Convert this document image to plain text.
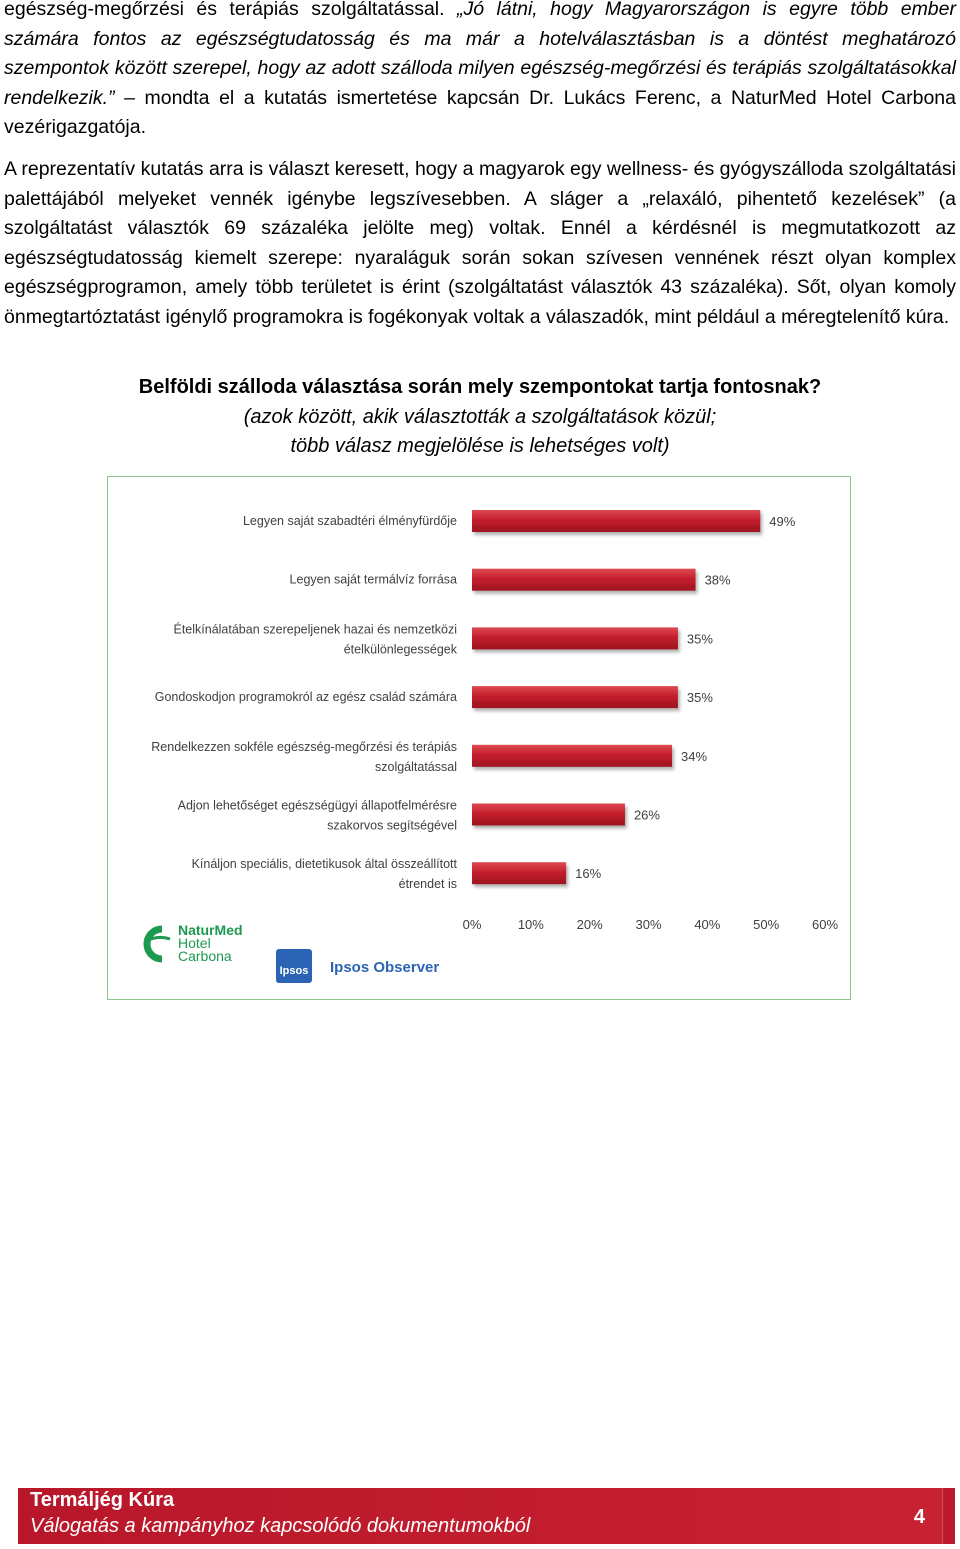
egészség-megőrzési és terápiás szolgáltatással. „Jó látni, hogy Magyarországon is egyre több ember számára fontos az egészségtudatosság és ma már a hotelválasztásban is a döntést meghatározó szempontok között szerepel, hogy az adott szálloda milyen egészség-megőrzési és terápiás szolgáltatásokkal rendelkezik.” – mondta el a kutatás ismertetése kapcsán Dr. Lukács Ferenc, a NaturMed Hotel Carbona vezérigazgatója.

A reprezentatív kutatás arra is választ keresett, hogy a magyarok egy wellness- és gyógyszálloda szolgáltatási palettájából melyeket vennék igénybe legszívesebben. A sláger a „relaxáló, pihentető kezelések” (a szolgáltatást választók 69 százaléka jelölte meg) voltak. Ennél a kérdésnél is megmutatkozott az egészségtudatosság kiemelt szerepe: nyaraláguk során sokan szívesen vennének részt olyan komplex egészségprogramon, amely több területet is érint (szolgáltatást választók 43 százaléka). Sőt, olyan komoly önmegtartóztatást igénylő programokra is fogékonyak voltak a válaszadók, mint például a méregtelenítő kúra.

Belföldi szálloda választása során mely szempontokat tartja fontosnak?
(azok között, akik választották a szolgáltatások közül;
több válasz megjelölése is lehetséges volt)
49%
Legyen saját szabadtéri élményfürdője
38%
Legyen saját termálvíz forrása
35%
Ételkínálatában szerepeljenek hazai és nemzetközi
ételkülönlegességek
35%
Gondoskodjon programokról az egész család számára
34%
Rendelkezzen sokféle egészség-megőrzési és terápiás
szolgáltatással
26%
Adjon lehetőséget egészségügyi állapotfelmérésre
szakorvos segítségével
16%
Kínáljon speciális, dietetikusok által összeállított
étrendet is
0%	10%	20%	30%	40%	50%	60%
NaturMed
Hotel
Carbona
Ipsos Ipsos Observer
Termáljég Kúra
Válogatás a kampányhoz kapcsolódó dokumentumokból	4
